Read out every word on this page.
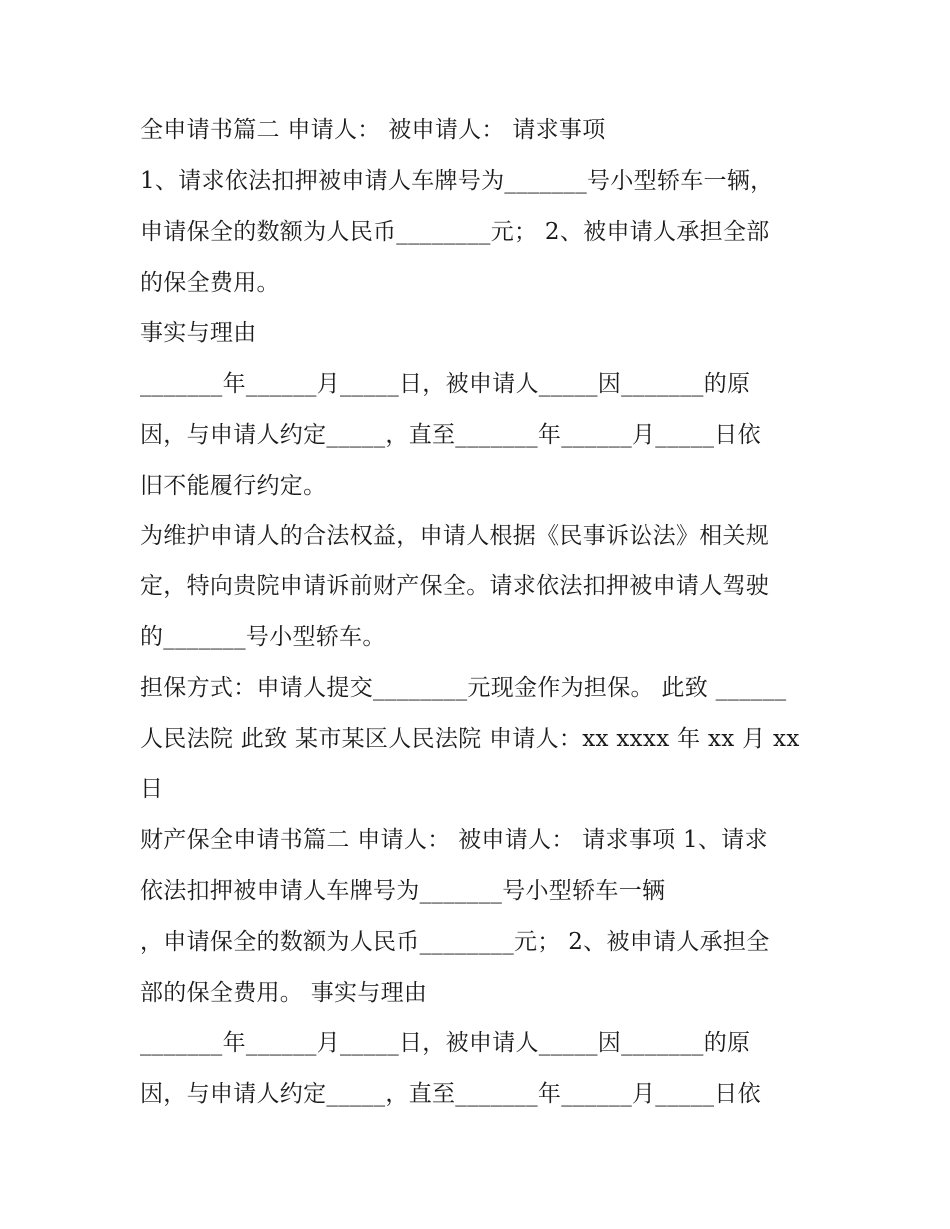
全申请书篇二 申请人： 被申请人： 请求事项
1、请求依法扣押被申请人车牌号为_______号小型轿车一辆，
申请保全的数额为人民币________元； 2、被申请人承担全部
的保全费用。
事实与理由
_______年______月_____日，被申请人_____因_______的原
因，与申请人约定_____，直至_______年______月_____日依
旧不能履行约定。
为维护申请人的合法权益，申请人根据《民事诉讼法》相关规
定，特向贵院申请诉前财产保全。请求依法扣押被申请人驾驶
的_______号小型轿车。
担保方式：申请人提交________元现金作为担保。 此致 ______
人民法院 此致 某市某区人民法院 申请人：xx xxxx 年 xx 月 xx
日
财产保全申请书篇二 申请人： 被申请人： 请求事项 1、请求
依法扣押被申请人车牌号为_______号小型轿车一辆
，申请保全的数额为人民币________元； 2、被申请人承担全
部的保全费用。 事实与理由
_______年______月_____日，被申请人_____因_______的原
因，与申请人约定_____，直至_______年______月_____日依
